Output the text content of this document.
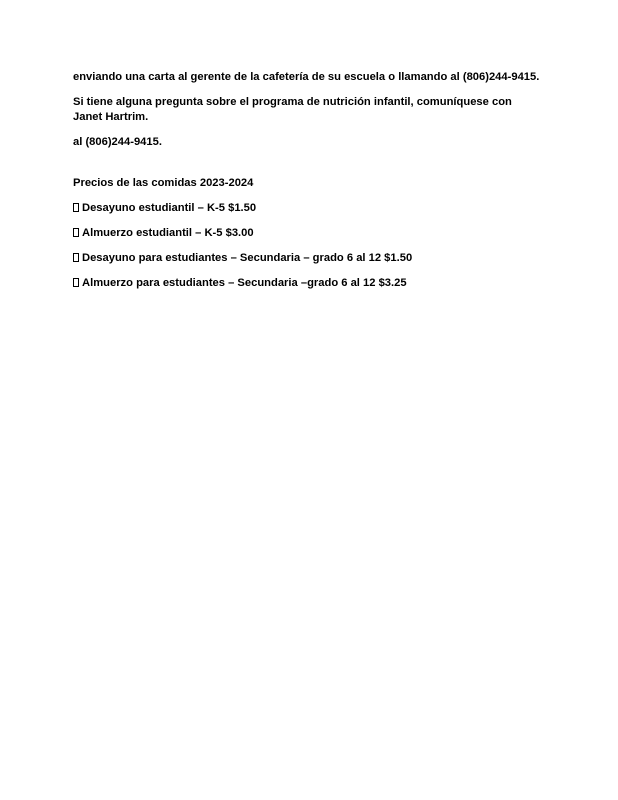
enviando una carta al gerente de la cafetería de su escuela o llamando al (806)244-9415.

Si tiene alguna pregunta sobre el programa de nutrición infantil, comuníquese con Janet Hartrim.

al (806)244-9415.

Precios de las comidas 2023-2024

Desayuno estudiantil – K-5 $1.50
Almuerzo estudiantil – K-5 $3.00
Desayuno para estudiantes – Secundaria – grado 6 al 12 $1.50
Almuerzo para estudiantes – Secundaria –grado 6 al 12 $3.25
